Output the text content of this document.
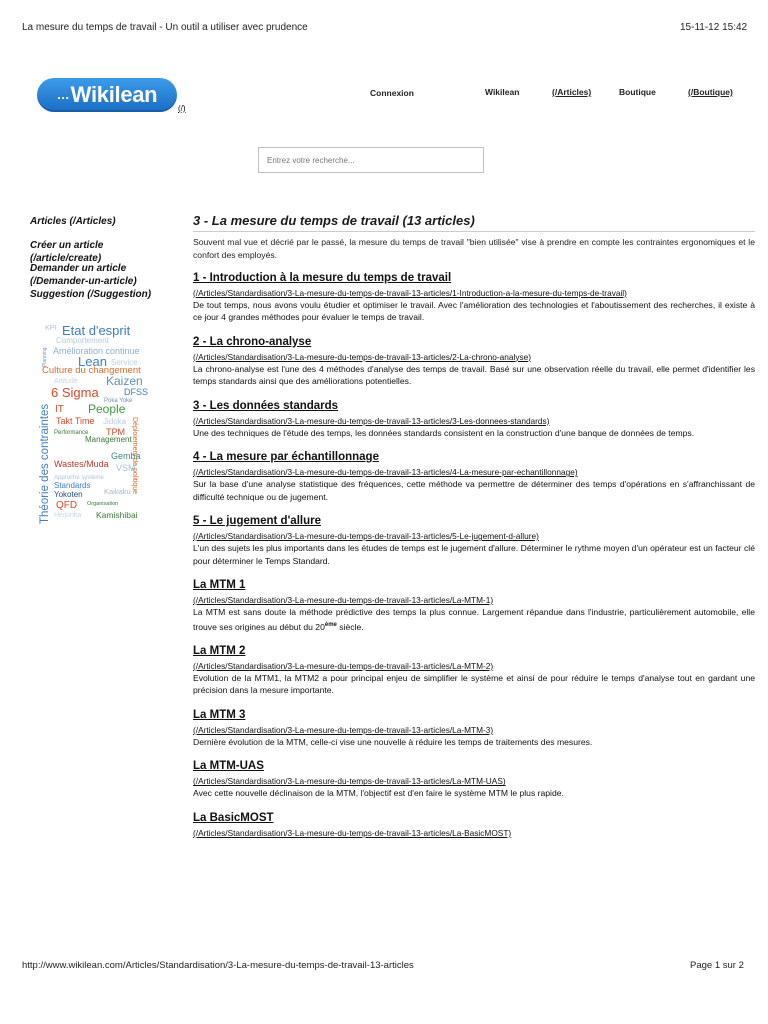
La mesure du temps de travail - Un outil a utiliser avec prudence	15-11-12 15:42
…Wikilean
(/)
Connexion	Wikilean	(/Articles)	Boutique	(/Boutique)
Entrez votre recherche...
Articles (/Articles)
Créer un article (/article/create)
Demander un article (/Demander-un-article)
Suggestion (/Suggestion)
KPI Etat d'esprit
Comportement
Planning Amélioration continue
Lean Service
Culture du changement
Attitude Kaizen
6 Sigma	DFSS
Poka Yoke
IT People
Takt Time Jidoka
Performance TPM
Management
Gemba
Wastes/Muda VSM
Approche système
Standards
Yokoten	Kaikaku
QFD Organisation
Heijunka Kamishibai
Théorie des contraintes	Déploiement de politique
3 - La mesure du temps de travail (13 articles)
Souvent mal vue et décrié par le passé, la mesure du temps de travail "bien utilisée" vise à prendre en compte les contraintes ergonomiques et le confort des employés.
1 - Introduction à la mesure du temps de travail
(/Articles/Standardisation/3-La-mesure-du-temps-de-travail-13-articles/1-Introduction-a-la-mesure-du-temps-de-travail)
De tout temps, nous avons voulu étudier et optimiser le travail. Avec l'amélioration des technologies et l'aboutissement des recherches, il existe à ce jour 4 grandes méthodes pour évaluer le temps de travail.
2 - La chrono-analyse
(/Articles/Standardisation/3-La-mesure-du-temps-de-travail-13-articles/2-La-chrono-analyse)
La chrono-analyse est l'une des 4 méthodes d'analyse des temps de travail. Basé sur une observation réelle du travail, elle permet d'identifier les temps standards ainsi que des améliorations potentielles.
3 - Les données standards
(/Articles/Standardisation/3-La-mesure-du-temps-de-travail-13-articles/3-Les-donnees-standards)
Une des techniques de l'étude des temps, les données standards consistent en la construction d'une banque de données de temps.
4 - La mesure par échantillonnage
(/Articles/Standardisation/3-La-mesure-du-temps-de-travail-13-articles/4-La-mesure-par-echantillonnage)
Sur la base d'une analyse statistique des fréquences, cette méthode va permettre de déterminer des temps d'opérations en s'affranchissant de difficulté technique ou de jugement.
5 - Le jugement d'allure
(/Articles/Standardisation/3-La-mesure-du-temps-de-travail-13-articles/5-Le-jugement-d-allure)
L'un des sujets les plus importants dans les études de temps est le jugement d'allure. Déterminer le rythme moyen d'un opérateur est un facteur clé pour déterminer le Temps Standard.
La MTM 1
(/Articles/Standardisation/3-La-mesure-du-temps-de-travail-13-articles/La-MTM-1)
La MTM est sans doute la méthode prédictive des temps la plus connue. Largement répandue dans l'industrie, particulièrement automobile, elle trouve ses origines au début du 20ème siècle.
La MTM 2
(/Articles/Standardisation/3-La-mesure-du-temps-de-travail-13-articles/La-MTM-2)
Evolution de la MTM1, la MTM2 a pour principal enjeu de simplifier le système et ainsi de pour réduire le temps d'analyse tout en gardant une précision dans la mesure importante.
La MTM 3
(/Articles/Standardisation/3-La-mesure-du-temps-de-travail-13-articles/La-MTM-3)
Dernière évolution de la MTM, celle-ci vise une nouvelle à réduire les temps de traitements des mesures.
La MTM-UAS
(/Articles/Standardisation/3-La-mesure-du-temps-de-travail-13-articles/La-MTM-UAS)
Avec cette nouvelle déclinaison de la MTM, l'objectif est d'en faire le système MTM le plus rapide.
La BasicMOST
(/Articles/Standardisation/3-La-mesure-du-temps-de-travail-13-articles/La-BasicMOST)
http://www.wikilean.com/Articles/Standardisation/3-La-mesure-du-temps-de-travail-13-articles	Page 1 sur 2
